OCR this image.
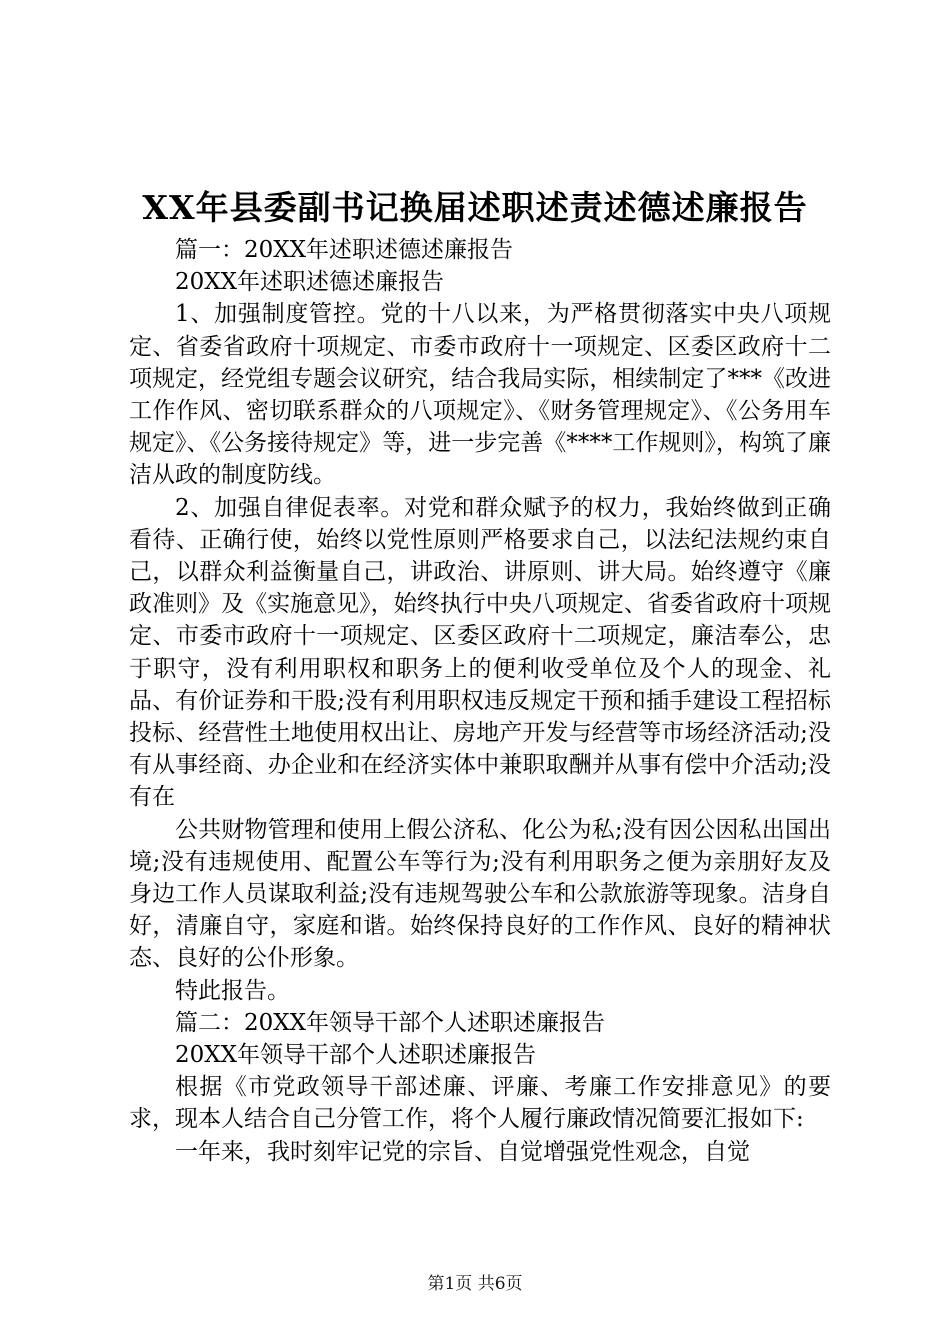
XX年县委副书记换届述职述责述德述廉报告

篇一：20XX年述职述德述廉报告

20XX年述职述德述廉报告

1、加强制度管控。党的十八以来，为严格贯彻落实中央八项规定、省委省政府十项规定、市委市政府十一项规定、区委区政府十二项规定，经党组专题会议研究，结合我局实际，相续制定了***《改进工作作风、密切联系群众的八项规定》、《财务管理规定》、《公务用车规定》、《公务接待规定》等，进一步完善《****工作规则》，构筑了廉洁从政的制度防线。

2、加强自律促表率。对党和群众赋予的权力，我始终做到正确看待、正确行使，始终以党性原则严格要求自己，以法纪法规约束自己，以群众利益衡量自己，讲政治、讲原则、讲大局。始终遵守《廉政准则》及《实施意见》，始终执行中央八项规定、省委省政府十项规定、市委市政府十一项规定、区委区政府十二项规定，廉洁奉公，忠于职守，没有利用职权和职务上的便利收受单位及个人的现金、礼品、有价证券和干股;没有利用职权违反规定干预和插手建设工程招标投标、经营性土地使用权出让、房地产开发与经营等市场经济活动;没有从事经商、办企业和在经济实体中兼职取酬并从事有偿中介活动;没有在

公共财物管理和使用上假公济私、化公为私;没有因公因私出国出境;没有违规使用、配置公车等行为;没有利用职务之便为亲朋好友及身边工作人员谋取利益;没有违规驾驶公车和公款旅游等现象。洁身自好，清廉自守，家庭和谐。始终保持良好的工作作风、良好的精神状态、良好的公仆形象。

特此报告。

篇二：20XX年领导干部个人述职述廉报告

20XX年领导干部个人述职述廉报告

根据《市党政领导干部述廉、评廉、考廉工作安排意见》的要求，现本人结合自己分管工作，将个人履行廉政情况简要汇报如下:

一年来，我时刻牢记党的宗旨、自觉增强党性观念，自觉

第1页 共6页
